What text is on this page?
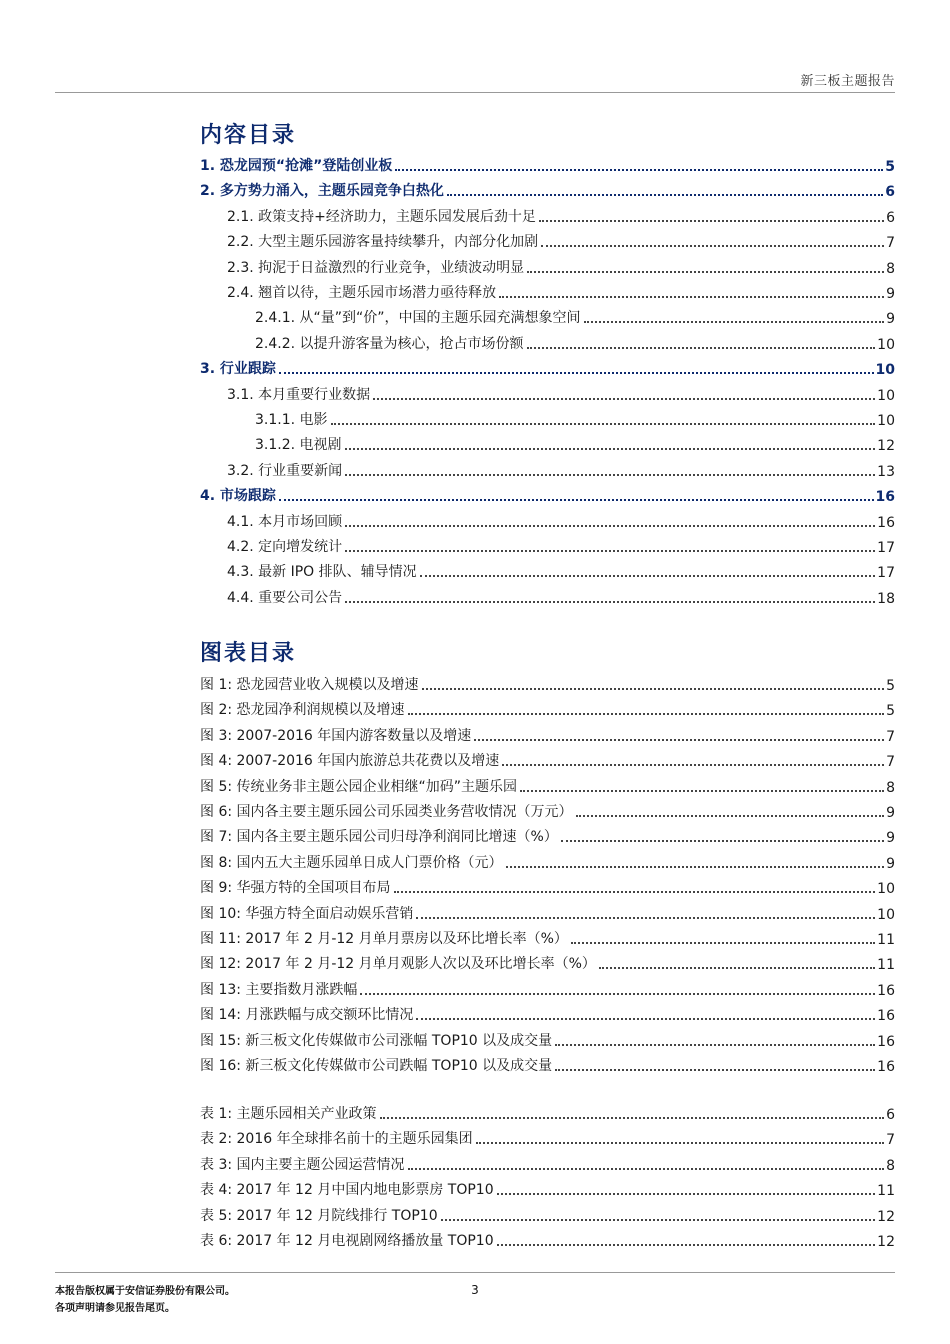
新三板主题报告
内容目录
1. 恐龙园预“抢滩”登陆创业板	5
2. 多方势力涌入，主题乐园竞争白热化	6
2.1. 政策支持+经济助力，主题乐园发展后劲十足	6
2.2. 大型主题乐园游客量持续攀升，内部分化加剧	7
2.3. 拘泥于日益激烈的行业竞争，业绩波动明显	8
2.4. 翘首以待，主题乐园市场潜力亟待释放	9
2.4.1. 从“量”到“价”，中国的主题乐园充满想象空间	9
2.4.2. 以提升游客量为核心，抢占市场份额	10
3. 行业跟踪	10
3.1. 本月重要行业数据	10
3.1.1. 电影	10
3.1.2. 电视剧	12
3.2. 行业重要新闻	13
4. 市场跟踪	16
4.1. 本月市场回顾	16
4.2. 定向增发统计	17
4.3. 最新 IPO 排队、辅导情况	17
4.4. 重要公司公告	18
图表目录
图 1: 恐龙园营业收入规模以及增速	5
图 2: 恐龙园净利润规模以及增速	5
图 3: 2007-2016 年国内游客数量以及增速	7
图 4: 2007-2016 年国内旅游总共花费以及增速	7
图 5: 传统业务非主题公园企业相继“加码”主题乐园	8
图 6: 国内各主要主题乐园公司乐园类业务营收情况（万元）	9
图 7: 国内各主要主题乐园公司归母净利润同比增速（%）	9
图 8: 国内五大主题乐园单日成人门票价格（元）	9
图 9: 华强方特的全国项目布局	10
图 10: 华强方特全面启动娱乐营销	10
图 11: 2017 年 2 月-12 月单月票房以及环比增长率（%）	11
图 12: 2017 年 2 月-12 月单月观影人次以及环比增长率（%）	11
图 13: 主要指数月涨跌幅	16
图 14: 月涨跌幅与成交额环比情况	16
图 15: 新三板文化传媒做市公司涨幅 TOP10 以及成交量	16
图 16: 新三板文化传媒做市公司跌幅 TOP10 以及成交量	16
表 1: 主题乐园相关产业政策	6
表 2: 2016 年全球排名前十的主题乐园集团	7
表 3: 国内主要主题公园运营情况	8
表 4: 2017 年 12 月中国内地电影票房 TOP10	11
表 5: 2017 年 12 月院线排行 TOP10	12
表 6: 2017 年 12 月电视剧网络播放量 TOP10	12
本报告版权属于安信证券股份有限公司。
各项声明请参见报告尾页。
3
